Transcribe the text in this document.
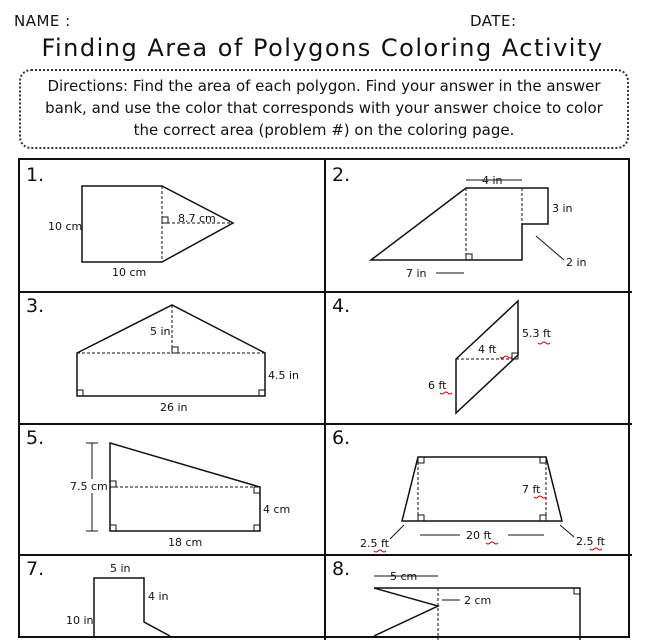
NAME :	DATE:
Finding Area of Polygons Coloring Activity
Directions: Find the area of each polygon. Find your answer in the answer bank, and use the color that corresponds with your answer choice to color the correct area (problem #) on the coloring page.
1.
10 cm
10 cm
8.7 cm
2.	4 in
3 in
2 in
7 in
3.
5 in
4.5 in
26 in
4.
5.3 ft
4 ft
6 ft
5.
7.5 cm
4 cm
18 cm
6.
7 ft
20 ft
2.5 ft	2.5 ft
7.	5 in
4 in
10 in
8.	5 cm
2 cm
